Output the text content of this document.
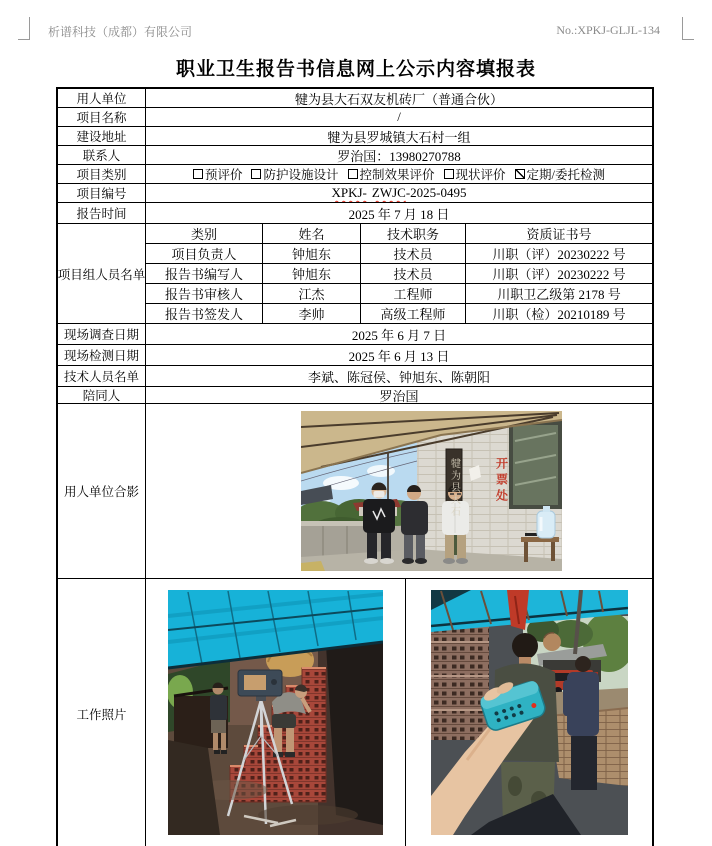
析谱科技（成都）有限公司	No.:XPKJ-GLJL-134
职业卫生报告书信息网上公示内容填报表
用人单位	犍为县大石双友机砖厂（普通合伙）
项目名称	/
建设地址	犍为县罗城镇大石村一组
联系人	罗治国：13980270788
项目类别	预评价 防护设施设计 控制效果评价 现状评价 定期/委托检测
项目编号	XPKJ- ZWJC -2025-0495
报告时间	2025 年 7 月 18 日
项目组人员名单
类别	姓名	技术职务	资质证书号
项目负责人	钟旭东	技术员	川职（评）20230222 号
报告书编写人	钟旭东	技术员	川职（评）20230222 号
报告书审核人	江杰	工程师	川职卫乙级第 2178 号
报告书签发人	李帅	高级工程师	川职（检）20210189 号
现场调查日期	2025 年 6 月 7 日
现场检测日期	2025 年 6 月 13 日
技术人员名单	李斌、陈冠侯、钟旭东、陈朝阳
陪同人	罗治国
用人单位合影	犍为县大石	开票处
工作照片
